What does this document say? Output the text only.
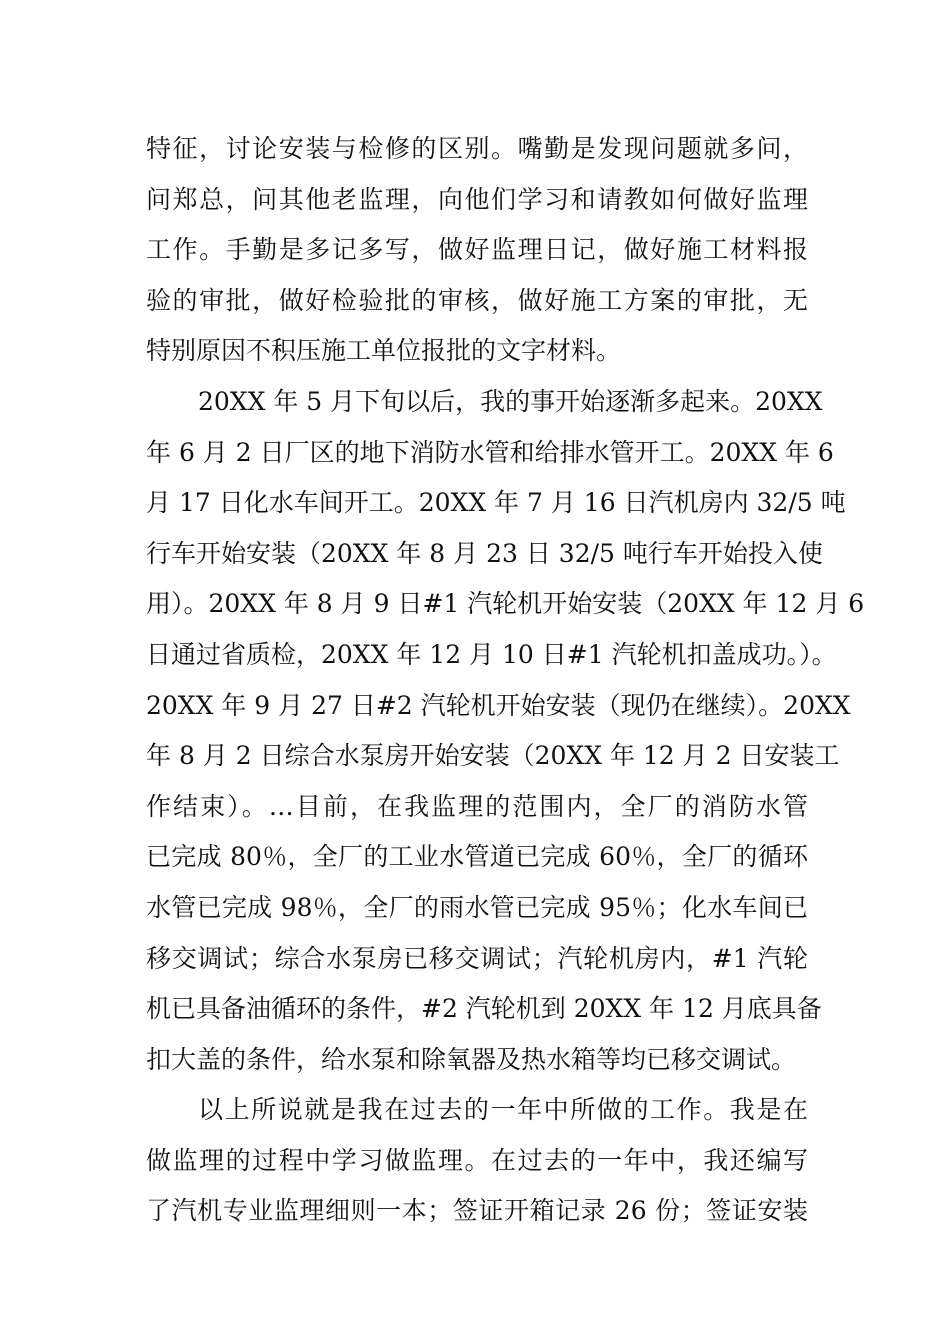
特征，讨论安装与检修的区别。嘴勤是发现问题就多问，
问郑总，问其他老监理，向他们学习和请教如何做好监理
工作。手勤是多记多写，做好监理日记，做好施工材料报
验的审批，做好检验批的审核，做好施工方案的审批，无
特别原因不积压施工单位报批的文字材料。
20XX 年 5 月下旬以后，我的事开始逐渐多起来。20XX
年 6 月 2 日厂区的地下消防水管和给排水管开工。20XX 年 6
月 17 日化水车间开工。20XX 年 7 月 16 日汽机房内 32/5 吨
行车开始安装（20XX 年 8 月 23 日 32/5 吨行车开始投入使
用）。20XX 年 8 月 9 日#1 汽轮机开始安装（20XX 年 12 月 6
日通过省质检，20XX 年 12 月 10 日#1 汽轮机扣盖成功。）。
20XX 年 9 月 27 日#2 汽轮机开始安装（现仍在继续）。20XX
年 8 月 2 日综合水泵房开始安装（20XX 年 12 月 2 日安装工
作结束）。…目前，在我监理的范围内，全厂的消防水管
已完成 80％，全厂的工业水管道已完成 60％，全厂的循环
水管已完成 98％，全厂的雨水管已完成 95％；化水车间已
移交调试；综合水泵房已移交调试；汽轮机房内，#1 汽轮
机已具备油循环的条件，#2 汽轮机到 20XX 年 12 月底具备
扣大盖的条件，给水泵和除氧器及热水箱等均已移交调试。
以上所说就是我在过去的一年中所做的工作。我是在
做监理的过程中学习做监理。在过去的一年中，我还编写
了汽机专业监理细则一本；签证开箱记录 26 份；签证安装
